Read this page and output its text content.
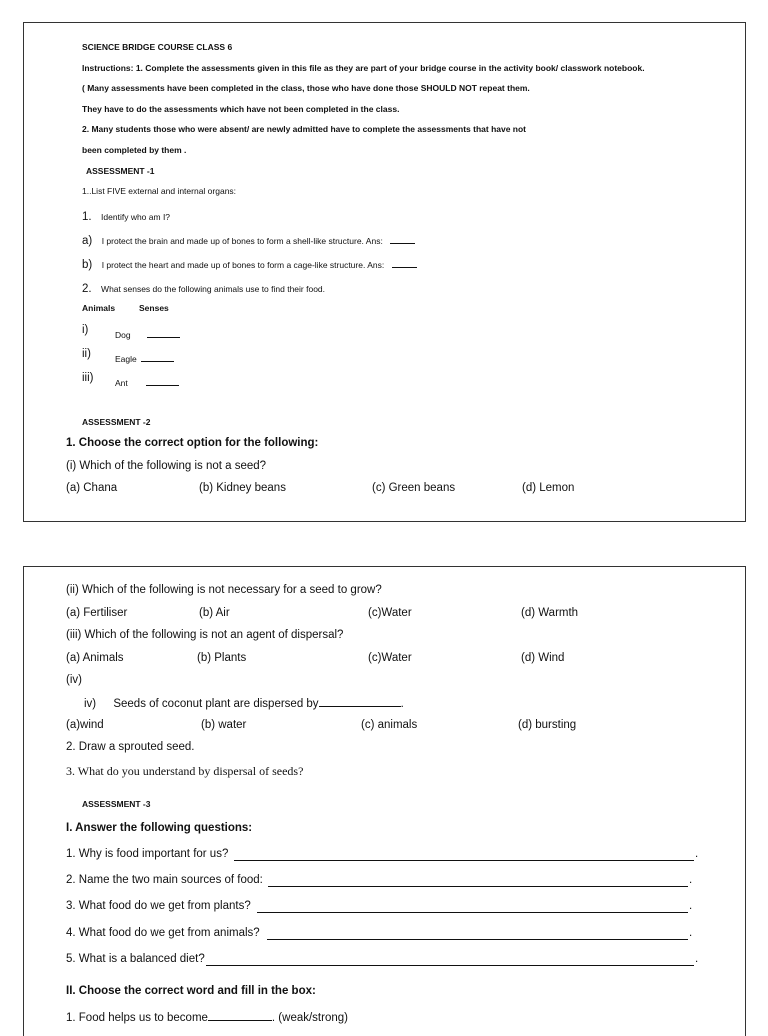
SCIENCE BRIDGE COURSE CLASS 6
Instructions: 1. Complete the assessments given in this file as they are part of your bridge course in the activity book/ classwork notebook.
( Many assessments have been completed in the class, those who have done those SHOULD NOT repeat them.
They have to do the assessments which have not been completed in the class.
2. Many students those who were absent/ are newly admitted have to complete the assessments that have not
been completed by them .
ASSESSMENT -1
1..List FIVE external and internal organs:
1. Identify who am I?
a) I protect the brain and made up of bones to form a shell-like structure. Ans:
b) I protect the heart and made up of bones to form a cage-like structure. Ans:
2. What senses do the following animals use to find their food.
Animals	Senses
i)	Dog
ii)	Eagle
iii)	Ant
ASSESSMENT -2
1. Choose the correct option for the following:
(i) Which of the following is not a seed?
(a) Chana	(b) Kidney beans	(c) Green beans	(d) Lemon
(ii) Which of the following is not necessary for a seed to grow?
(a) Fertiliser	(b) Air	(c)Water	(d) Warmth
(iii) Which of the following is not an agent of dispersal?
(a) Animals	(b) Plants	(c)Water	(d) Wind
(iv)
iv) Seeds of coconut plant are dispersed by	.
(a)wind	(b) water	(c) animals	(d) bursting
2. Draw a sprouted seed.
3. What do you understand by dispersal of seeds?
ASSESSMENT -3
I. Answer the following questions:
1. Why is food important for us?	.
2. Name the two main sources of food:	.
3. What food do we get from plants?	.
4. What food do we get from animals?	.
5. What is a balanced diet?	.
II. Choose the correct word and fill in the box:
1. Food helps us to become	. (weak/strong)
